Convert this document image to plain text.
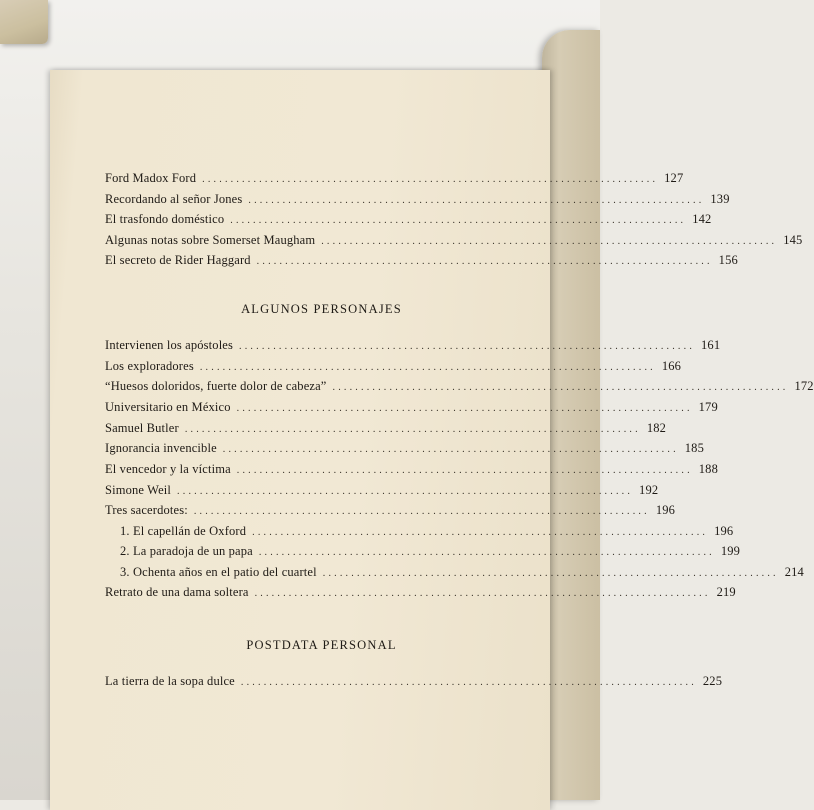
Ford Madox Ford ................................................................................ 127
Recordando al señor Jones ................................................................................ 139
El trasfondo doméstico ................................................................................ 142
Algunas notas sobre Somerset Maugham ................................................................................ 145
El secreto de Rider Haggard ................................................................................ 156
ALGUNOS PERSONAJES
Intervienen los apóstoles ................................................................................ 161
Los exploradores ................................................................................ 166
“Huesos doloridos, fuerte dolor de cabeza” ................................................................................ 172
Universitario en México ................................................................................ 179
Samuel Butler ................................................................................ 182
Ignorancia invencible ................................................................................ 185
El vencedor y la víctima ................................................................................ 188
Simone Weil ................................................................................ 192
Tres sacerdotes: ................................................................................ 196
1. El capellán de Oxford ................................................................................ 196
2. La paradoja de un papa ................................................................................ 199
3. Ochenta años en el patio del cuartel ................................................................................ 214
Retrato de una dama soltera ................................................................................ 219
POSTDATA PERSONAL
La tierra de la sopa dulce ................................................................................ 225
